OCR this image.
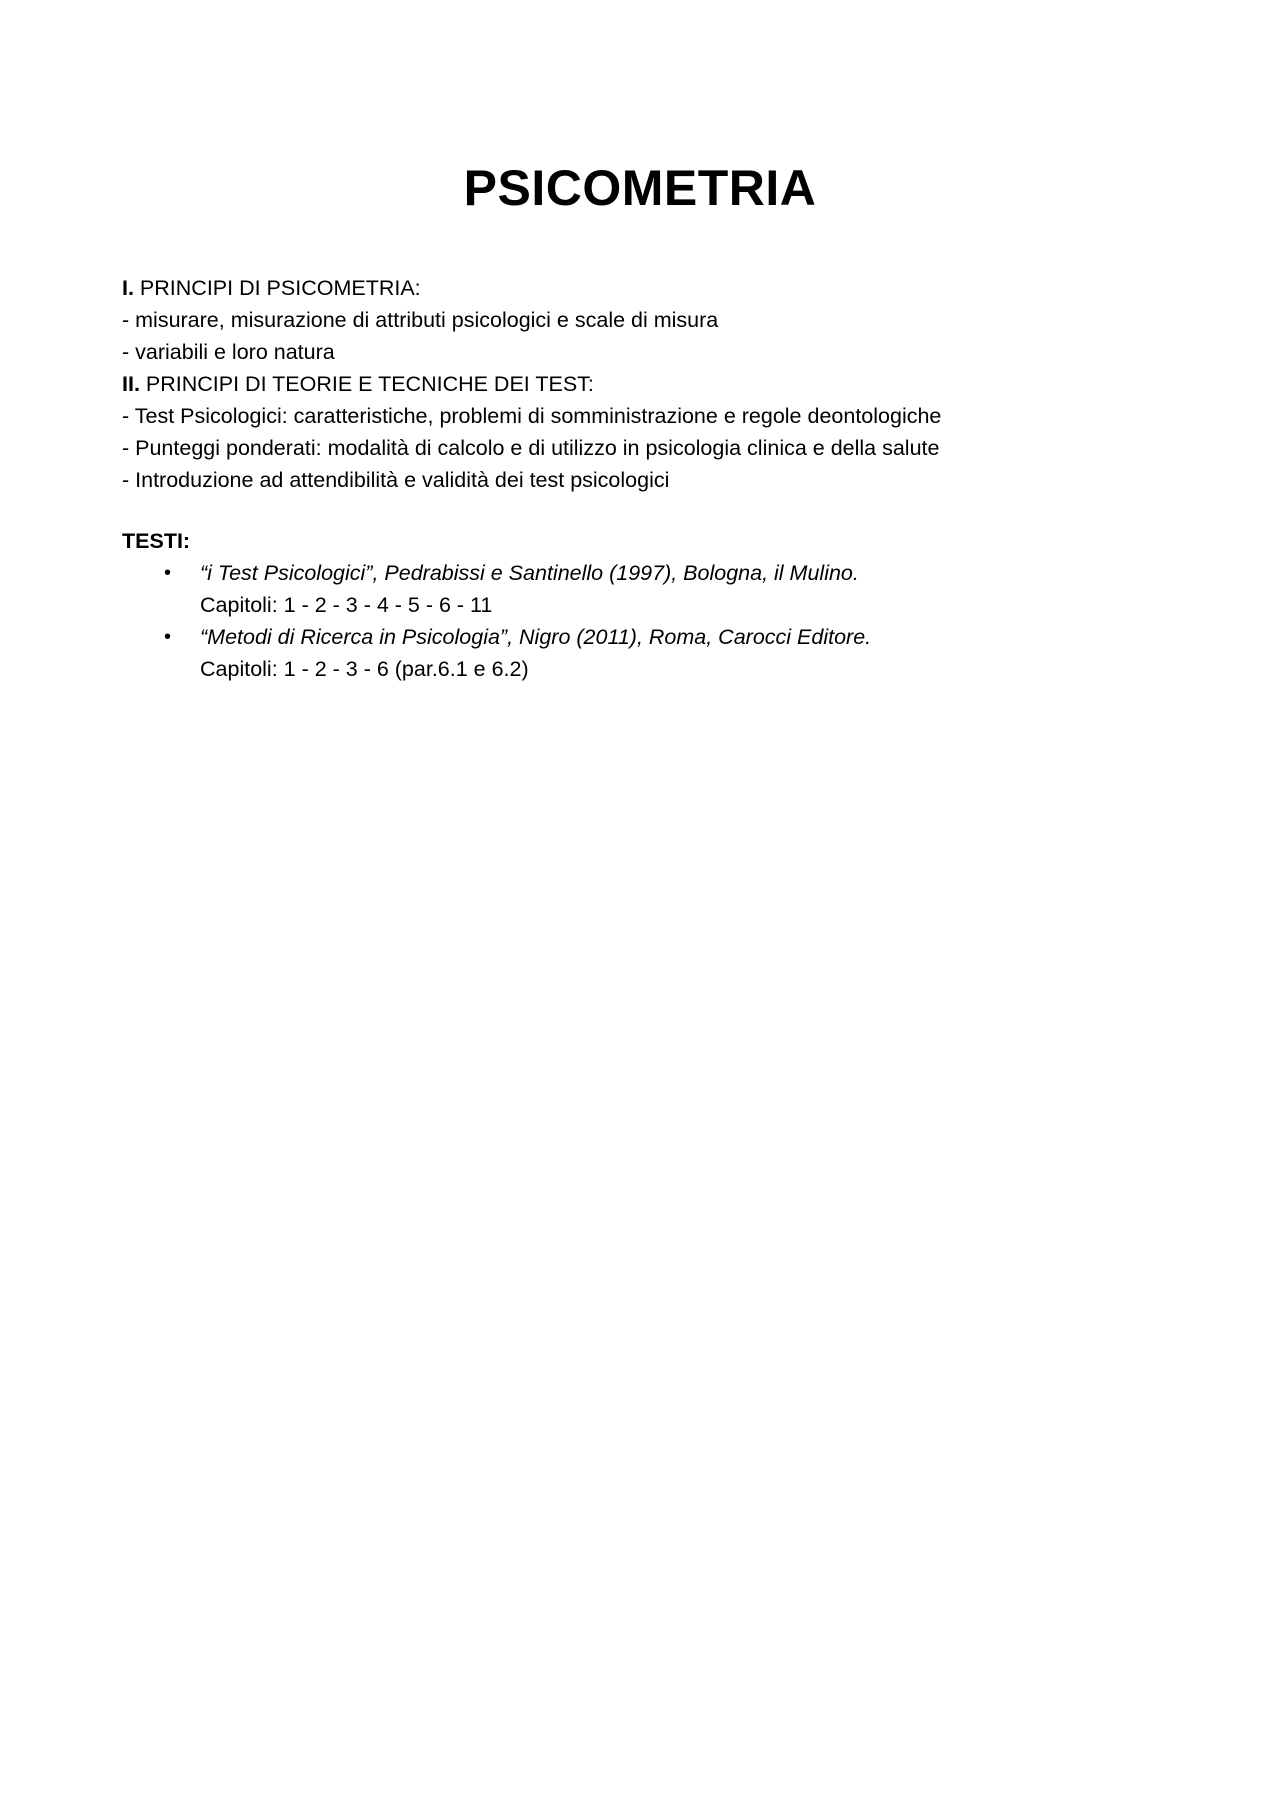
PSICOMETRIA
I. PRINCIPI DI PSICOMETRIA:
- misurare, misurazione di attributi psicologici e scale di misura
- variabili e loro natura
II. PRINCIPI DI TEORIE E TECNICHE DEI TEST:
- Test Psicologici: caratteristiche, problemi di somministrazione e regole deontologiche
- Punteggi ponderati: modalità di calcolo e di utilizzo in psicologia clinica e della salute
- Introduzione ad attendibilità e validità dei test psicologici
TESTI:
• “i Test Psicologici”, Pedrabissi e Santinello (1997), Bologna, il Mulino.
Capitoli: 1 - 2 - 3 - 4 - 5 - 6 - 11
• “Metodi di Ricerca in Psicologia”, Nigro (2011), Roma, Carocci Editore.
Capitoli: 1 - 2 - 3 - 6 (par.6.1 e 6.2)
